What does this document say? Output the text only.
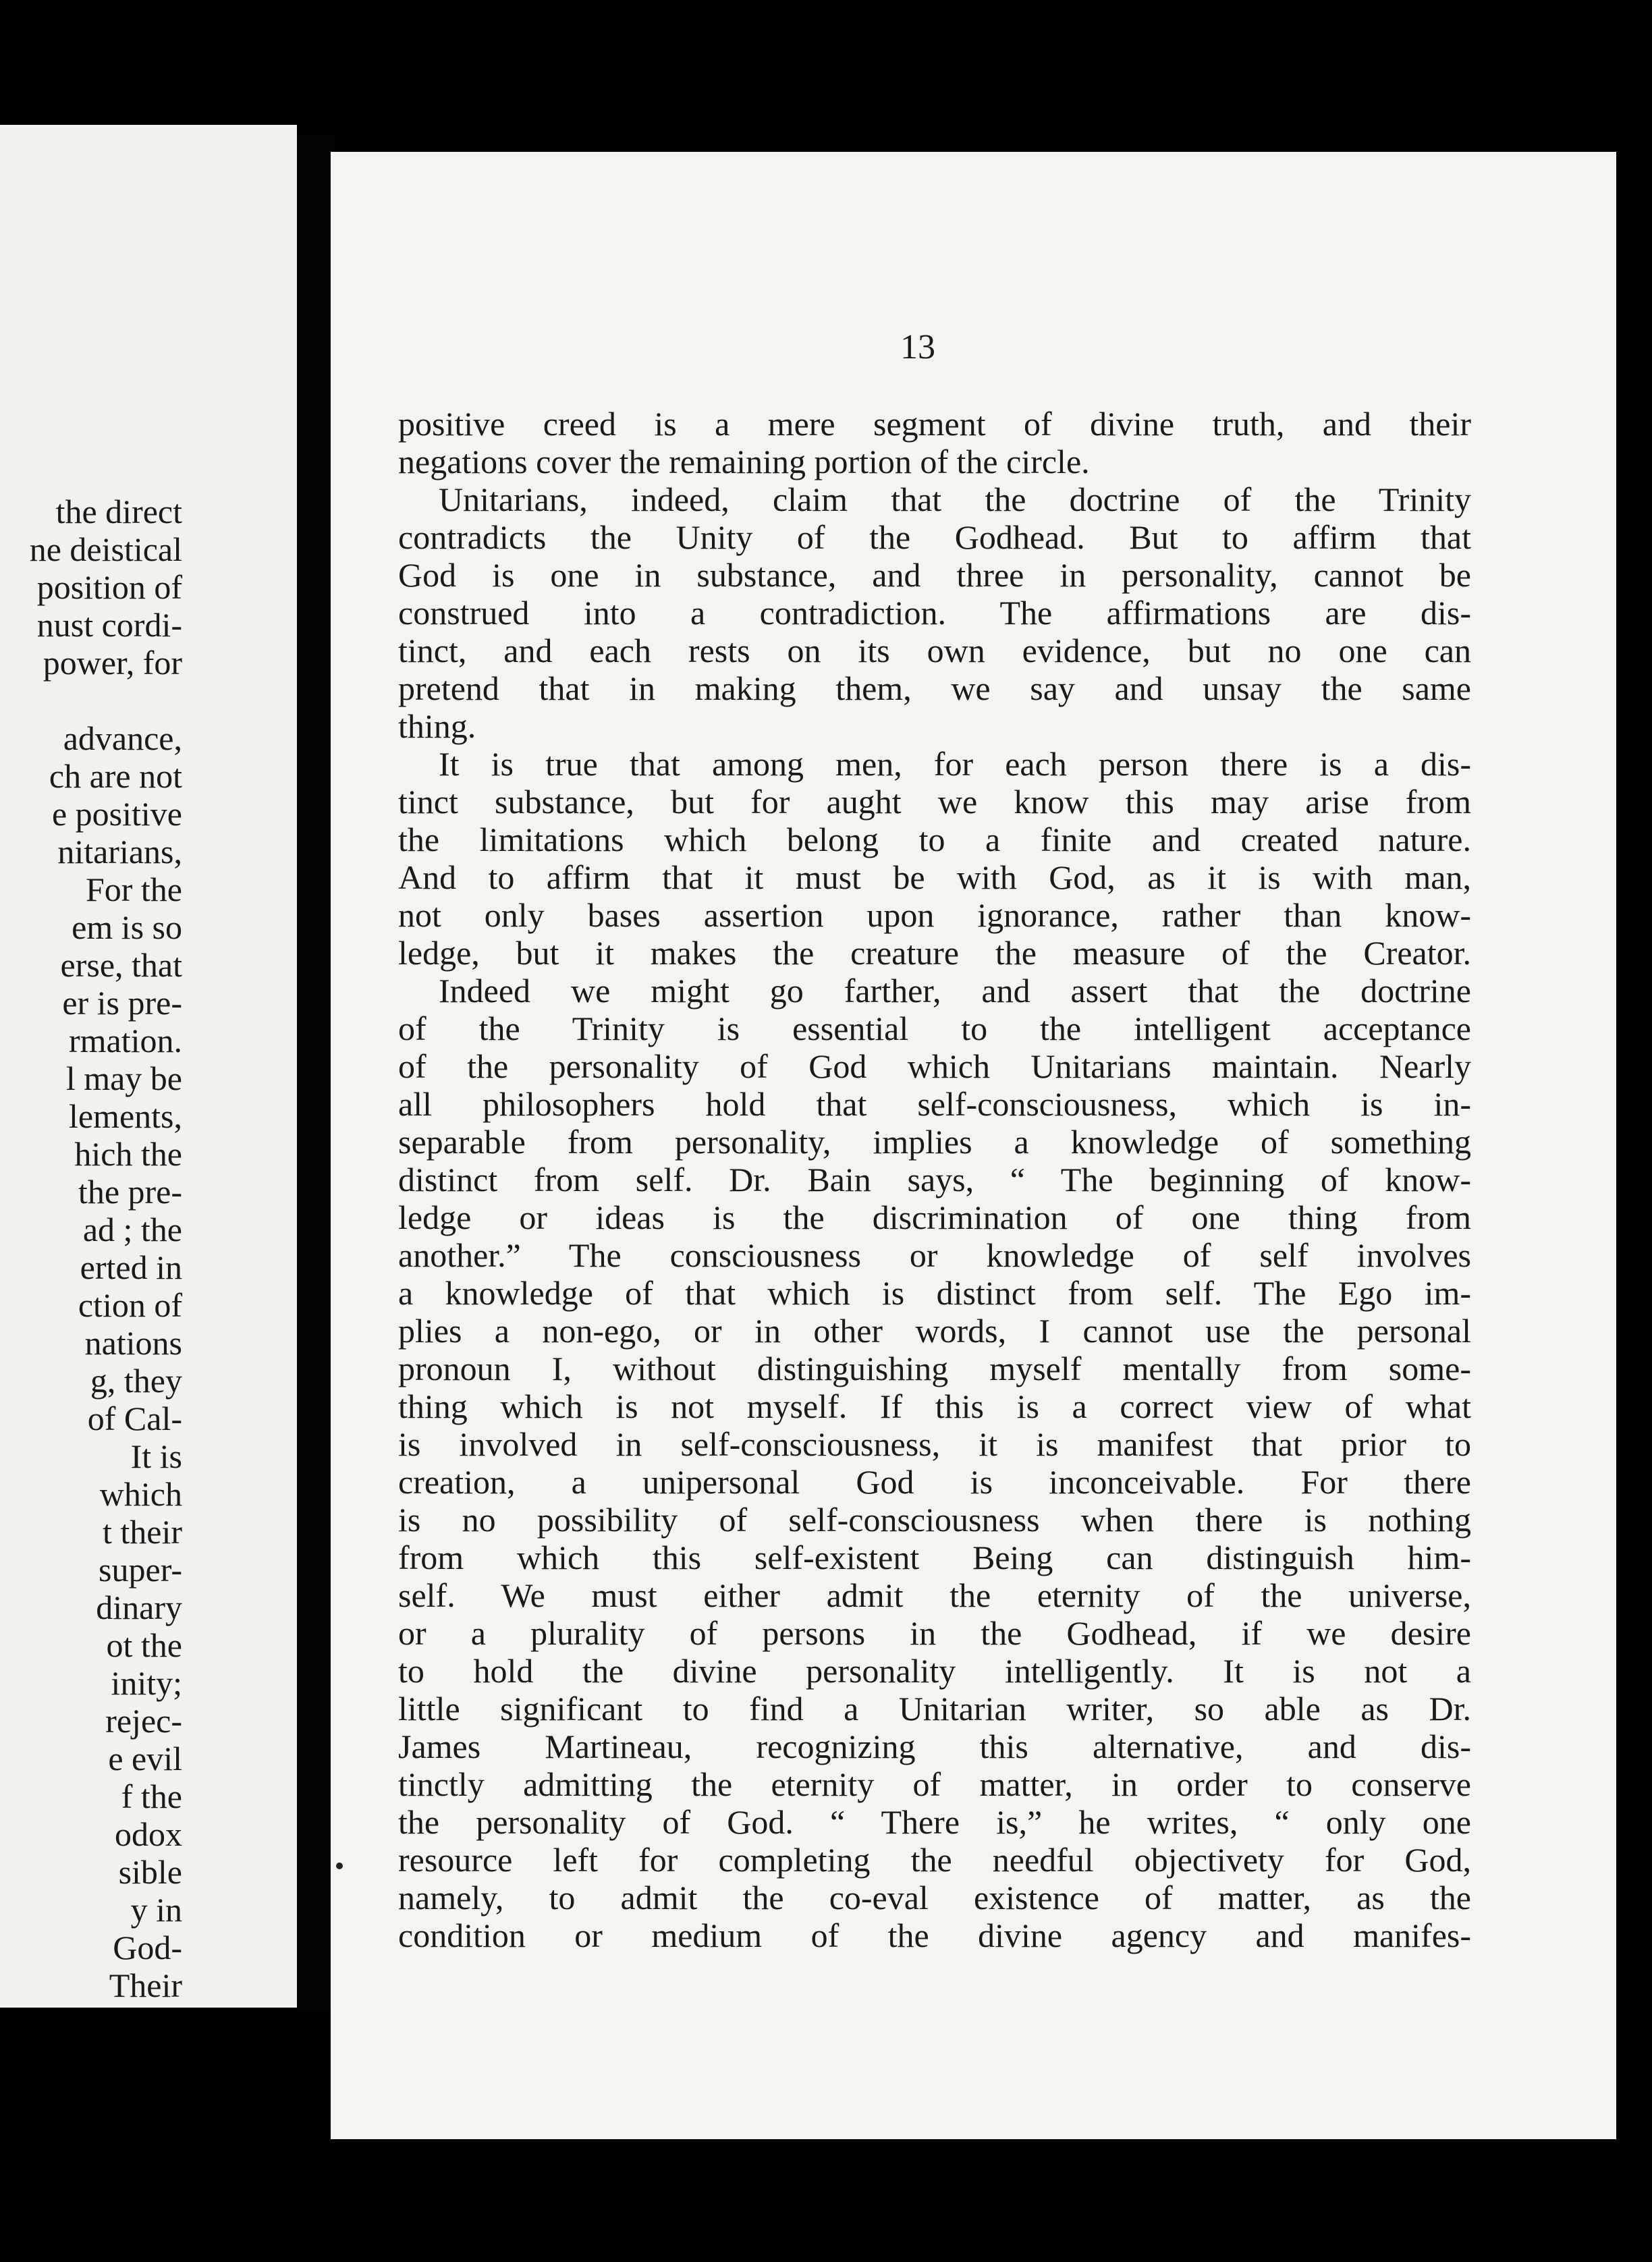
the direct
ne deistical
position of
nust cordi-
power, for
advance,
ch are not
e positive
nitarians,
For the
em is so
erse, that
er is pre-
rmation.
l may be
lements,
hich the
the pre-
ad ; the
erted in
ction of
nations
g, they
of Cal-
It is
which
t their
super-
dinary
ot the
inity;
rejec-
e evil
f the
odox
sible
y in
God-
Their
13
positive creed is a mere segment of divine truth, and their
negations cover the remaining portion of the circle.
Unitarians, indeed, claim that the doctrine of the Trinity
contradicts the Unity of the Godhead. But to affirm that
God is one in substance, and three in personality, cannot be
construed into a contradiction. The affirmations are dis-
tinct, and each rests on its own evidence, but no one can
pretend that in making them, we say and unsay the same
thing.
It is true that among men, for each person there is a dis-
tinct substance, but for aught we know this may arise from
the limitations which belong to a finite and created nature.
And to affirm that it must be with God, as it is with man,
not only bases assertion upon ignorance, rather than know-
ledge, but it makes the creature the measure of the Creator.
Indeed we might go farther, and assert that the doctrine
of the Trinity is essential to the intelligent acceptance
of the personality of God which Unitarians maintain. Nearly
all philosophers hold that self-consciousness, which is in-
separable from personality, implies a knowledge of something
distinct from self. Dr. Bain says, “ The beginning of know-
ledge or ideas is the discrimination of one thing from
another.” The consciousness or knowledge of self involves
a knowledge of that which is distinct from self. The Ego im-
plies a non-ego, or in other words, I cannot use the personal
pronoun I, without distinguishing myself mentally from some-
thing which is not myself. If this is a correct view of what
is involved in self-consciousness, it is manifest that prior to
creation, a unipersonal God is inconceivable. For there
is no possibility of self-consciousness when there is nothing
from which this self-existent Being can distinguish him-
self. We must either admit the eternity of the universe,
or a plurality of persons in the Godhead, if we desire
to hold the divine personality intelligently. It is not a
little significant to find a Unitarian writer, so able as Dr.
James Martineau, recognizing this alternative, and dis-
tinctly admitting the eternity of matter, in order to conserve
the personality of God. “ There is,” he writes, “ only one
resource left for completing the needful objectivety for God,
namely, to admit the co-eval existence of matter, as the
condition or medium of the divine agency and manifes-
